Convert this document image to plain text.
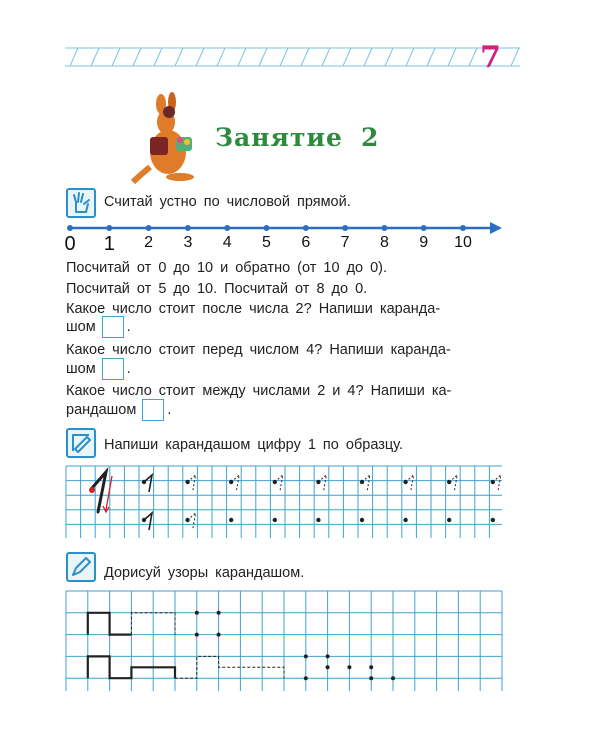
7
Занятие 2
Считай устно по числовой прямой.
0 1 2 3 4 5 6 7 8 9 10
Посчитай от 0 до 10 и обратно (от 10 до 0).
Посчитай от 5 до 10. Посчитай от 8 до 0.
Какое число стоит после числа 2? Напиши каранда-
шом .
Какое число стоит перед числом 4? Напиши каранда-
шом .
Какое число стоит между числами 2 и 4? Напиши ка-
рандашом .
Напиши карандашом цифру 1 по образцу.
Дорисуй узоры карандашом.
